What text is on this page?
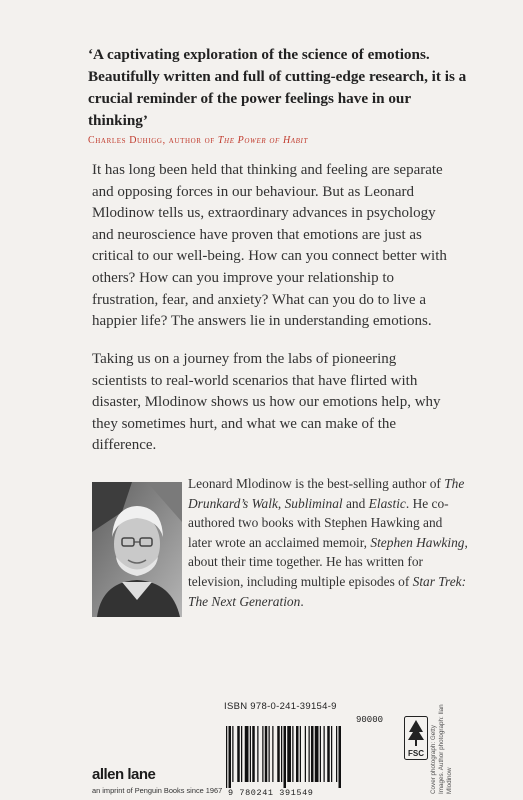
‘A captivating exploration of the science of emotions. Beautifully written and full of cutting-edge research, it is a crucial reminder of the power feelings have in our thinking’
Charles Duhigg, author of The Power of Habit

It has long been held that thinking and feeling are separate and opposing forces in our behaviour. But as Leonard Mlodinow tells us, extraordinary advances in psychology and neuroscience have proven that emotions are just as critical to our well-being. How can you connect better with others? How can you improve your relationship to frustration, fear, and anxiety? What can you do to live a happier life? The answers lie in understanding emotions.

Taking us on a journey from the labs of pioneering scientists to real-world scenarios that have flirted with disaster, Mlodinow shows us how our emotions help, why they sometimes hurt, and what we can make of the difference.

Leonard Mlodinow is the best-selling author of The Drunkard’s Walk, Subliminal and Elastic. He co-authored two books with Stephen Hawking and later wrote an acclaimed memoir, Stephen Hawking, about their time together. He has written for television, including multiple episodes of Star Trek: The Next Generation.

ISBN 978-0-241-39154-9
90000
9 780241 391549
allen lane
an imprint of Penguin Books since 1967
FSC Cover photograph: Getty Images. Author photograph: Ilan Mlodinow
